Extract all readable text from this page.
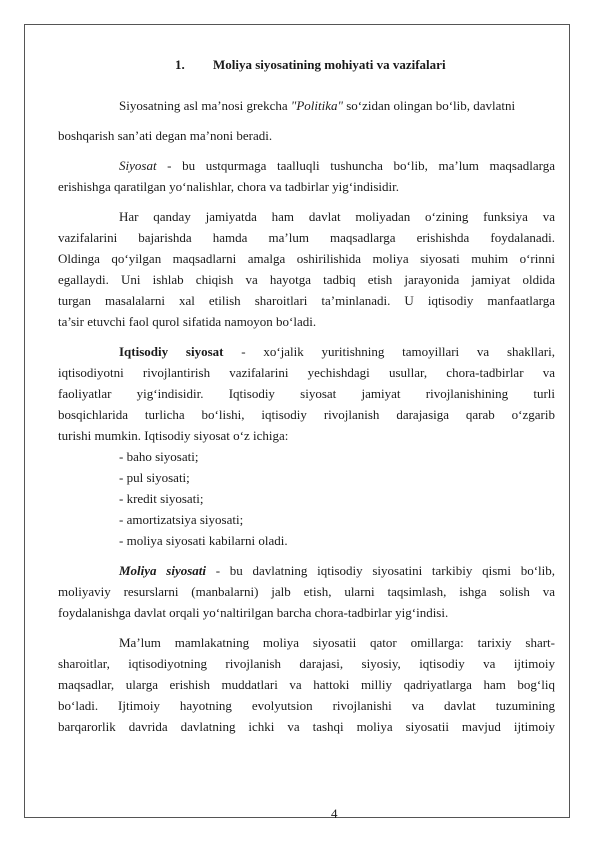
1. Moliya siyosatining mohiyati va vazifalari
Siyosatning asl ma’nosi grekcha "Politika" so‘zidan olingan bo‘lib, davlatni
boshqarish san’ati degan ma’noni beradi.
Siyosat - bu ustqurmaga taalluqli tushuncha bo‘lib, ma’lum maqsadlarga
erishishga qaratilgan yo‘nalishlar, chora va tadbirlar yig‘indisidir.
Har qanday jamiyatda ham davlat moliyadan o‘zining funksiya va
vazifalarini bajarishda hamda ma’lum maqsadlarga erishishda foydalanadi.
Oldinga qo‘yilgan maqsadlarni amalga oshirilishida moliya siyosati muhim o‘rinni
egallaydi. Uni ishlab chiqish va hayotga tadbiq etish jarayonida jamiyat oldida
turgan masalalarni xal etilish sharoitlari ta’minlanadi. U iqtisodiy manfaatlarga
ta’sir etuvchi faol qurol sifatida namoyon bo‘ladi.
Iqtisodiy siyosat - xo‘jalik yuritishning tamoyillari va shakllari,
iqtisodiyotni rivojlantirish vazifalarini yechishdagi usullar, chora-tadbirlar va
faoliyatlar yig‘indisidir. Iqtisodiy siyosat jamiyat rivojlanishining turli
bosqichlarida turlicha bo‘lishi, iqtisodiy rivojlanish darajasiga qarab o‘zgarib
turishi mumkin. Iqtisodiy siyosat o‘z ichiga:
- baho siyosati;
- pul siyosati;
- kredit siyosati;
- amortizatsiya siyosati;
- moliya siyosati kabilarni oladi.
Moliya siyosati - bu davlatning iqtisodiy siyosatini tarkibiy qismi bo‘lib,
moliyaviy resurslarni (manbalarni) jalb etish, ularni taqsimlash, ishga solish va
foydalanishga davlat orqali yo‘naltirilgan barcha chora-tadbirlar yig‘indisi.
Ma’lum mamlakatning moliya siyosatii qator omillarga: tarixiy shart-
sharoitlar, iqtisodiyotning rivojlanish darajasi, siyosiy, iqtisodiy va ijtimoiy
maqsadlar, ularga erishish muddatlari va hattoki milliy qadriyatlarga ham bog‘liq
bo‘ladi. Ijtimoiy hayotning evolyutsion rivojlanishi va davlat tuzumining
barqarorlik davrida davlatning ichki va tashqi moliya siyosatii mavjud ijtimoiy
4
